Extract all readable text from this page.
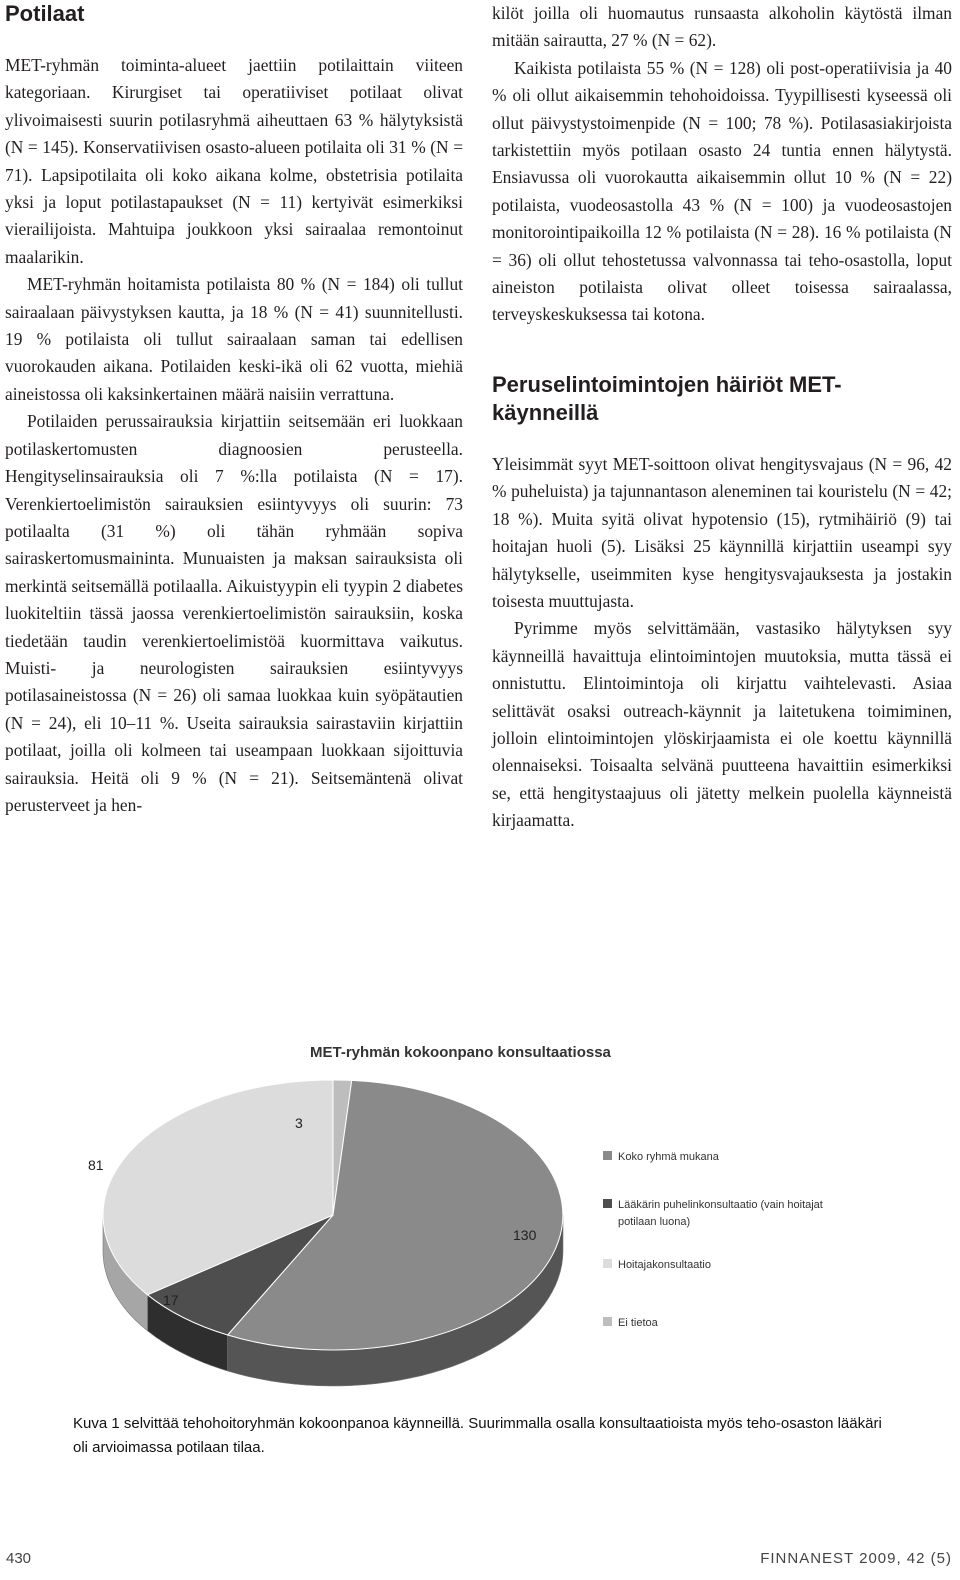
Potilaat

MET-ryhmän toiminta-alueet jaettiin potilaittain viiteen kategoriaan. Kirurgiset tai operatiiviset potilaat olivat ylivoimaisesti suurin potilasryhmä aiheuttaen 63 % hälytyksistä (N = 145). Konservatiivisen osasto-alueen potilaita oli 31 % (N = 71). Lapsipotilaita oli koko aikana kolme, obstetrisia potilaita yksi ja loput potilastapaukset (N = 11) kertyivät esimerkiksi vierailijoista. Mahtuipa joukkoon yksi sairaalaa remontoinut maalarikin.

MET-ryhmän hoitamista potilaista 80 % (N = 184) oli tullut sairaalaan päivystyksen kautta, ja 18 % (N = 41) suunnitellusti. 19 % potilaista oli tullut sairaalaan saman tai edellisen vuorokauden aikana. Potilaiden keski-ikä oli 62 vuotta, miehiä aineistossa oli kaksinkertainen määrä naisiin verrattuna.

Potilaiden perussairauksia kirjattiin seitsemään eri luokkaan potilaskertomusten diagnoosien perusteella. Hengityselinsairauksia oli 7 %:lla potilaista (N = 17). Verenkiertoelimistön sairauksien esiintyvyys oli suurin: 73 potilaalta (31 %) oli tähän ryhmään sopiva sairaskertomusmaininta. Munuaisten ja maksan sairauksista oli merkintä seitsemällä potilaalla. Aikuistyypin eli tyypin 2 diabetes luokiteltiin tässä jaossa verenkiertoelimistön sairauksiin, koska tiedetään taudin verenkiertoelimistöä kuormittava vaikutus. Muisti- ja neurologisten sairauksien esiintyvyys potilasaineistossa (N = 26) oli samaa luokkaa kuin syöpätautien (N = 24), eli 10–11 %. Useita sairauksia sairastaviin kirjattiin potilaat, joilla oli kolmeen tai useampaan luokkaan sijoittuvia sairauksia. Heitä oli 9 % (N = 21). Seitsemäntenä olivat perusterveet ja hen-

kilöt joilla oli huomautus runsaasta alkoholin käytöstä ilman mitään sairautta, 27 % (N = 62).

Kaikista potilaista 55 % (N = 128) oli post-operatiivisia ja 40 % oli ollut aikaisemmin tehohoidoissa. Tyypillisesti kyseessä oli ollut päivystystoimenpide (N = 100; 78 %). Potilasasiakirjoista tarkistettiin myös potilaan osasto 24 tuntia ennen hälytystä. Ensiavussa oli vuorokautta aikaisemmin ollut 10 % (N = 22) potilaista, vuodeosastolla 43 % (N = 100) ja vuodeosastojen monitorointipaikoilla 12 % potilaista (N = 28). 16 % potilaista (N = 36) oli ollut tehostetussa valvonnassa tai teho-osastolla, loput aineiston potilaista olivat olleet toisessa sairaalassa, terveyskeskuksessa tai kotona.

Peruselintoimintojen häiriöt MET-käynneillä

Yleisimmät syyt MET-soittoon olivat hengitysvajaus (N = 96, 42 % puheluista) ja tajunnantason aleneminen tai kouristelu (N = 42; 18 %). Muita syitä olivat hypotensio (15), rytmihäiriö (9) tai hoitajan huoli (5). Lisäksi 25 käynnillä kirjattiin useampi syy hälytykselle, useimmiten kyse hengitysvajauksesta ja jostakin toisesta muuttujasta.

Pyrimme myös selvittämään, vastasiko hälytyksen syy käynneillä havaittuja elintoimintojen muutoksia, mutta tässä ei onnistuttu. Elintoimintoja oli kirjattu vaihtelevasti. Asiaa selittävät osaksi outreach-käynnit ja laitetukena toimiminen, jolloin elintoimintojen ylöskirjaamista ei ole koettu käynnillä olennaiseksi. Toisaalta selvänä puutteena havaittiin esimerkiksi se, että hengitystaajuus oli jätetty melkein puolella käynneistä kirjaamatta.

MET-ryhmän kokoonpano konsultaatiossa
130
17
81
3
Koko ryhmä mukana
Lääkärin puhelinkonsultaatio (vain hoitajat
potilaan luona)
Hoitajakonsultaatio
Ei tietoa

Kuva 1 selvittää tehohoitoryhmän kokoonpanoa käynneillä. Suurimmalla osalla konsultaatioista myös teho-osaston lääkäri oli arvioimassa potilaan tilaa.

430	FINNANEST 2009, 42 (5)
